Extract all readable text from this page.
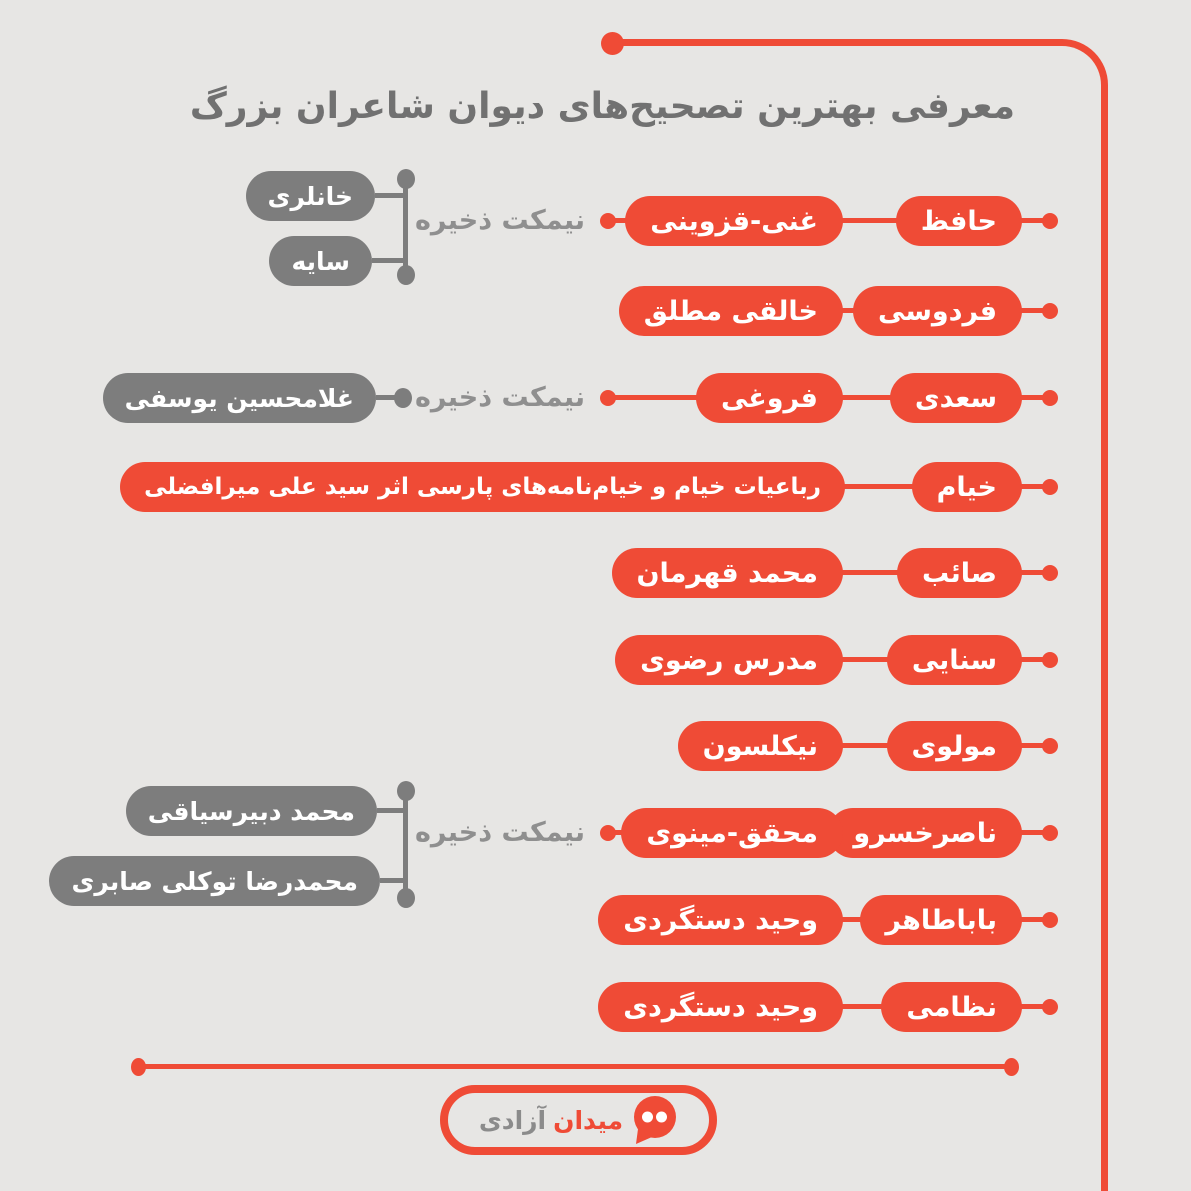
معرفی بهترین تصحیح‌های دیوان شاعران بزرگ
حافظ
غنی-قزوینی
نیمکت ذخیره
خانلری
سایه
فردوسی
خالقی مطلق
سعدی
فروغی
نیمکت ذخیره
غلامحسین یوسفی
خیام
رباعیات خیام و خیام‌نامه‌های پارسی اثر سید علی میرافضلی
صائب
محمد قهرمان
سنایی
مدرس رضوی
مولوی
نیکلسون
ناصرخسرو
محقق-مینوی
نیمکت ذخیره
محمد دبیرسیاقی
محمدرضا توکلی صابری
باباطاهر
وحید دستگردی
نظامی
وحید دستگردی
میدان
آزادی
